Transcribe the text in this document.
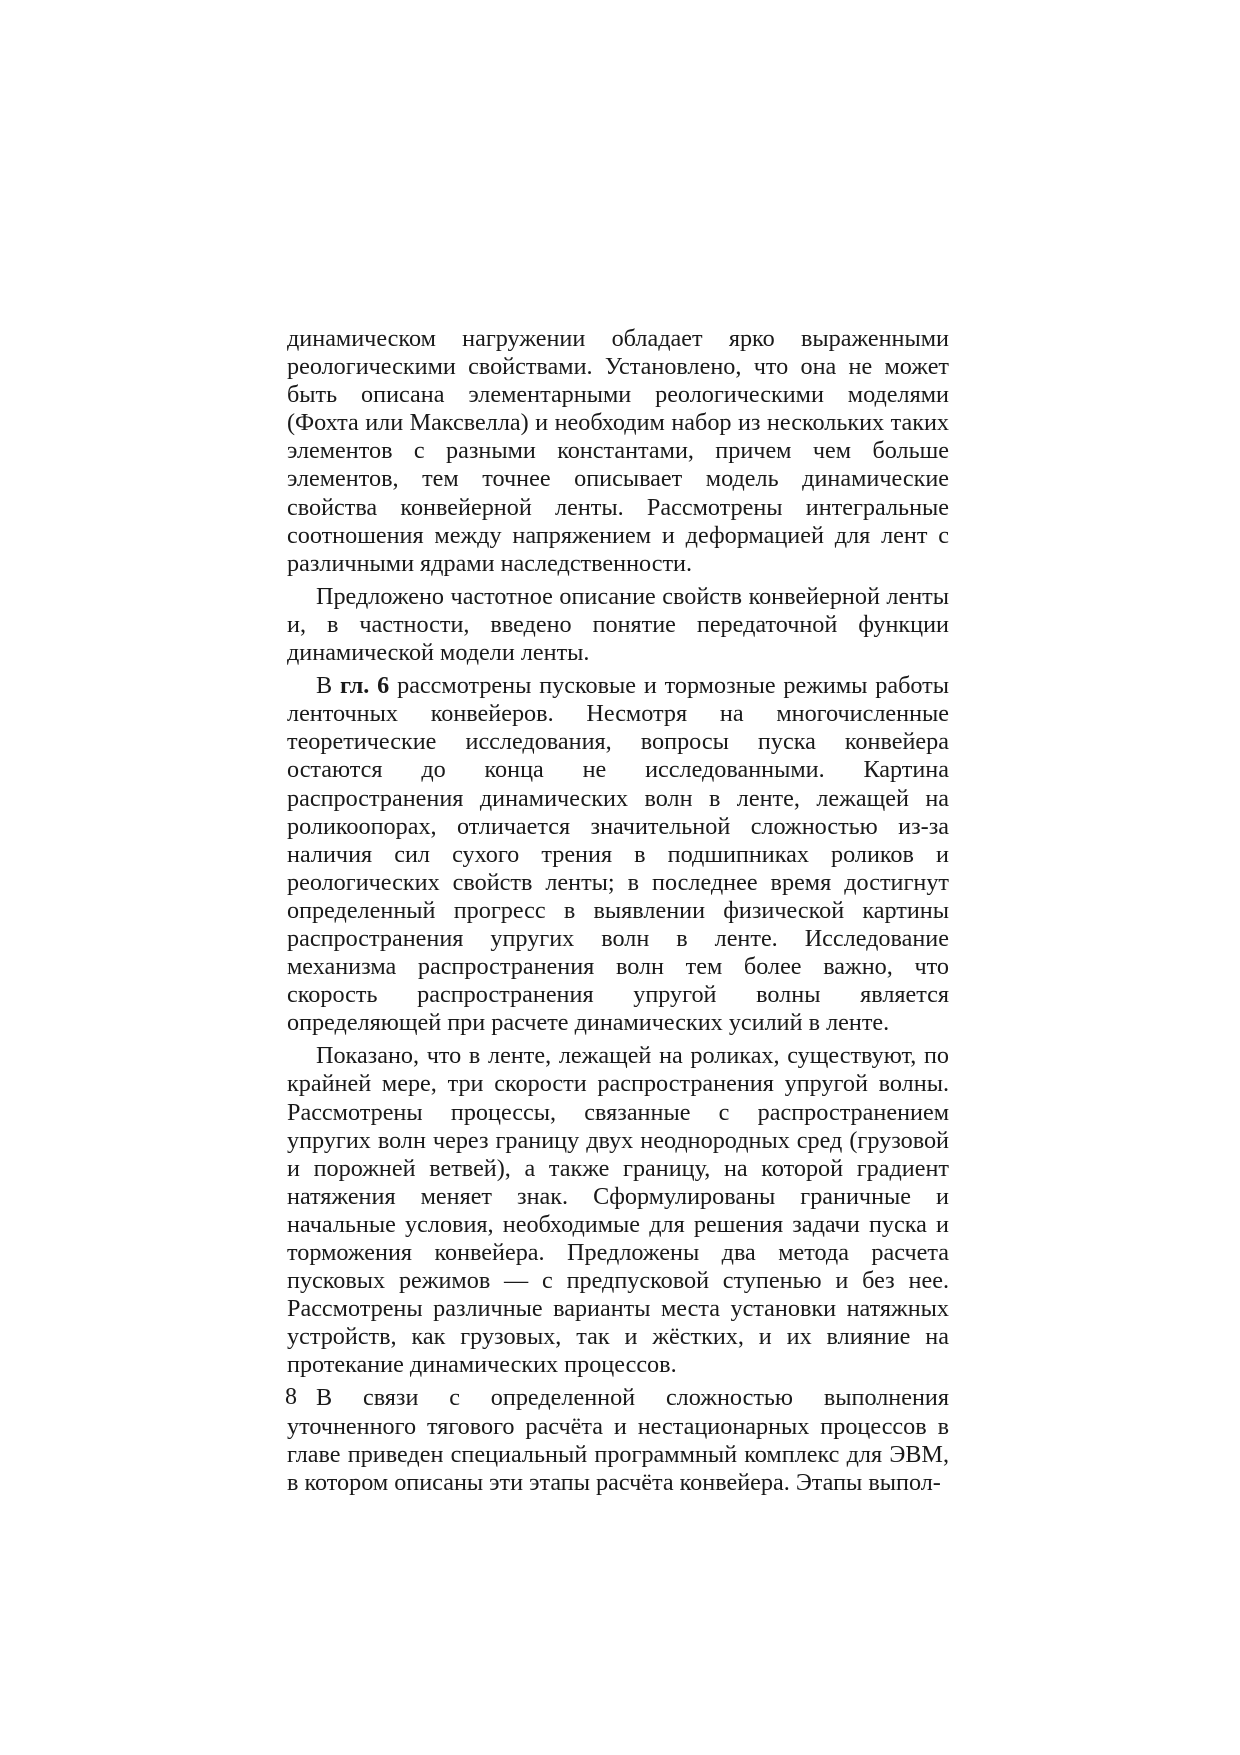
динамическом нагружении обладает ярко выраженными реологическими свойствами. Установлено, что она не может быть описана элементарными реологическими моделями (Фохта или Максвелла) и необходим набор из нескольких таких элементов с разными константами, причем чем больше элементов, тем точнее описывает модель динамические свойства конвейерной ленты. Рассмотрены интегральные соотношения между напряжением и деформацией для лент с различными ядрами наследственности.

Предложено частотное описание свойств конвейерной ленты и, в частности, введено понятие передаточной функции динамической модели ленты.

В гл. 6 рассмотрены пусковые и тормозные режимы работы ленточных конвейеров. Несмотря на многочисленные теоретические исследования, вопросы пуска конвейера остаются до конца не исследованными. Картина распространения динамических волн в ленте, лежащей на роликоопорах, отличается значительной сложностью из-за наличия сил сухого трения в подшипниках роликов и реологических свойств ленты; в последнее время достигнут определенный прогресс в выявлении физической картины распространения упругих волн в ленте. Исследование механизма распространения волн тем более важно, что скорость распространения упругой волны является определяющей при расчете динамических усилий в ленте.

Показано, что в ленте, лежащей на роликах, существуют, по крайней мере, три скорости распространения упругой волны. Рассмотрены процессы, связанные с распространением упругих волн через границу двух неоднородных сред (грузовой и порожней ветвей), а также границу, на которой градиент натяжения меняет знак. Сформулированы граничные и начальные условия, необходимые для решения задачи пуска и торможения конвейера. Предложены два метода расчета пусковых режимов — с предпусковой ступенью и без нее. Рассмотрены различные варианты места установки натяжных устройств, как грузовых, так и жёстких, и их влияние на протекание динамических процессов.

В связи с определенной сложностью выполнения уточненного тягового расчёта и нестационарных процессов в главе приведен специальный программный комплекс для ЭВМ, в котором описаны эти этапы расчёта конвейера. Этапы выпол-

8
